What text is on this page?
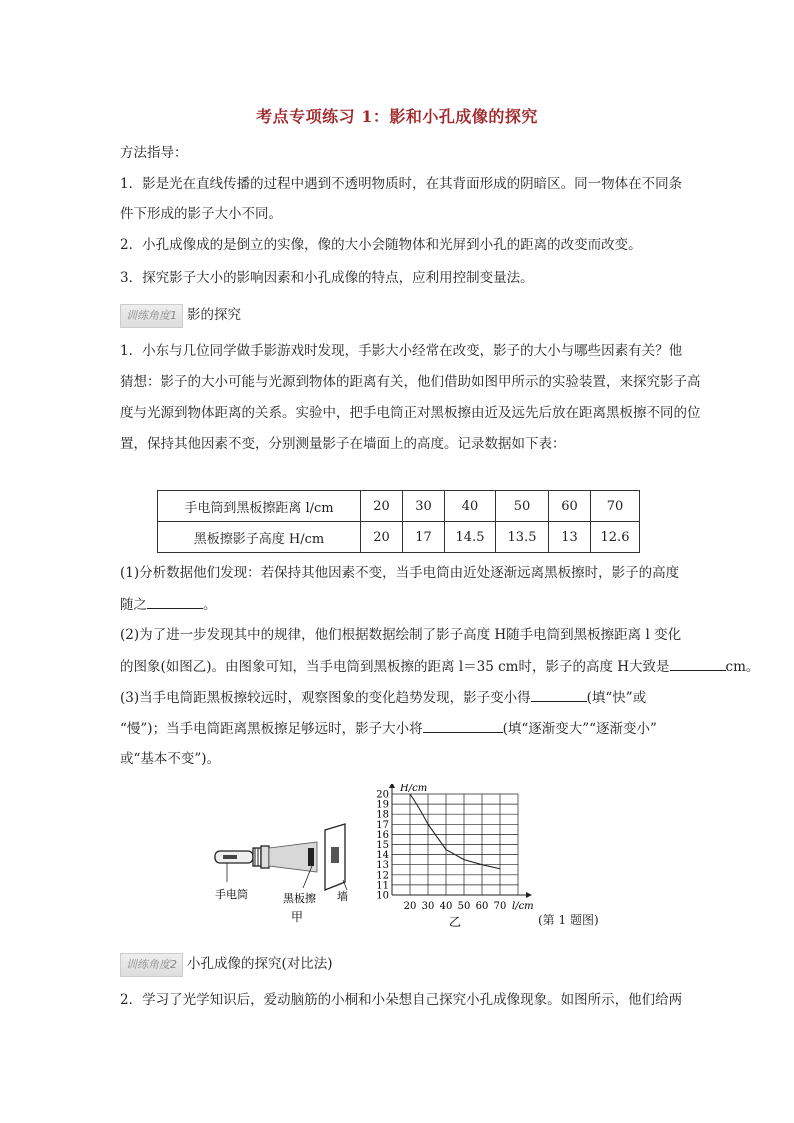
考点专项练习 1：影和小孔成像的探究
方法指导：
1．影是光在直线传播的过程中遇到不透明物质时，在其背面形成的阴暗区。同一物体在不同条
件下形成的影子大小不同。
2．小孔成像成的是倒立的实像，像的大小会随物体和光屏到小孔的距离的改变而改变。
3．探究影子大小的影响因素和小孔成像的特点，应利用控制变量法。
训练角度1 影的探究
1．小东与几位同学做手影游戏时发现，手影大小经常在改变，影子的大小与哪些因素有关？他
猜想：影子的大小可能与光源到物体的距离有关，他们借助如图甲所示的实验装置，来探究影子高
度与光源到物体距离的关系。实验中，把手电筒正对黑板擦由近及远先后放在距离黑板擦不同的位
置，保持其他因素不变，分别测量影子在墙面上的高度。记录数据如下表：
手电筒到黑板擦距离 l/cm	20	30	40	50	60	70
黑板擦影子高度 H/cm	20	17	14.5	13.5	13	12.6
(1)分析数据他们发现：若保持其他因素不变，当手电筒由近处逐渐远离黑板擦时，影子的高度
随之	。
(2)为了进一步发现其中的规律，他们根据数据绘制了影子高度 H随手电筒到黑板擦距离 l 变化
的图象(如图乙)。由图象可知，当手电筒到黑板擦的距离 l＝35 cm时，影子的高度 H大致是	cm。
(3)当手电筒距黑板擦较远时，观察图象的变化趋势发现，影子变小得	(填“快”或
“慢”)；当手电筒距离黑板擦足够远时，影子大小将	(填“逐渐变大”“逐渐变小”
或“基本不变”)。
手电筒	黑板擦 墙
甲
10
11
12
13
14
15
16
17
18
19
20
20 30 40 50 60 70
H/cm
l/cm
乙	(第 1 题图)
训练角度2 小孔成像的探究(对比法)
2．学习了光学知识后，爱动脑筋的小桐和小朵想自己探究小孔成像现象。如图所示，他们给两
